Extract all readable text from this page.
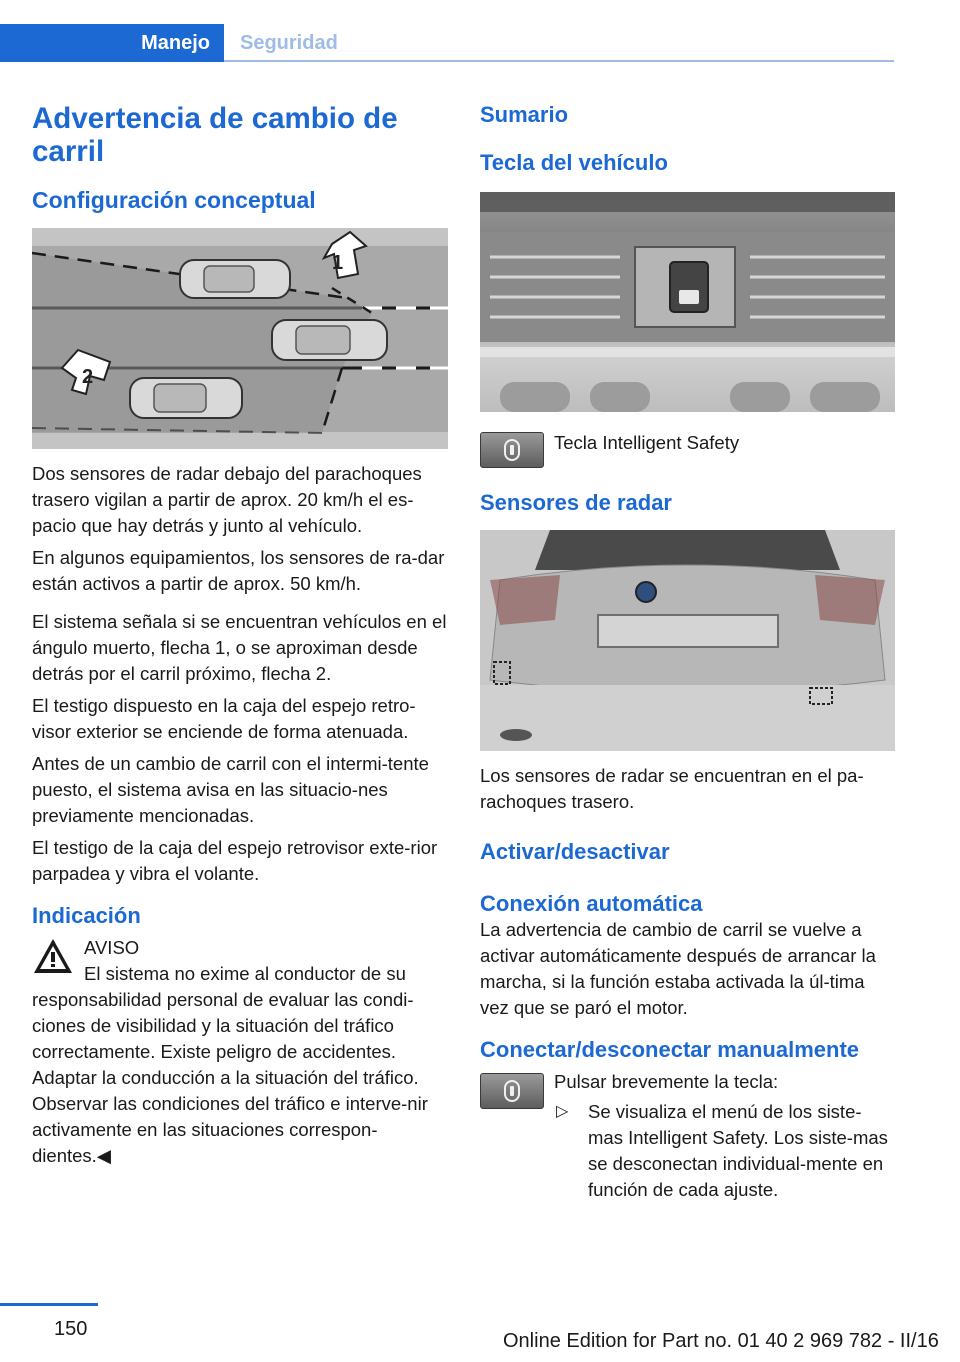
Manejo	Seguridad
Advertencia de cambio de carril
Configuración conceptual
1
2

Dos sensores de radar debajo del parachoques trasero vigilan a partir de aprox. 20 km/h el es-pacio que hay detrás y junto al vehículo.

En algunos equipamientos, los sensores de ra-dar están activos a partir de aprox. 50 km/h.

El sistema señala si se encuentran vehículos en el ángulo muerto, flecha 1, o se aproximan desde detrás por el carril próximo, flecha 2.

El testigo dispuesto en la caja del espejo retro-visor exterior se enciende de forma atenuada.

Antes de un cambio de carril con el intermi-tente puesto, el sistema avisa en las situacio-nes previamente mencionadas.

El testigo de la caja del espejo retrovisor exte-rior parpadea y vibra el volante.

Indicación

AVISO

El sistema no exime al conductor de su

responsabilidad personal de evaluar las condi-ciones de visibilidad y la situación del tráfico correctamente. Existe peligro de accidentes. Adaptar la conducción a la situación del tráfico. Observar las condiciones del tráfico e interve-nir activamente en las situaciones correspon-dientes.◀

Sumario
Tecla del vehículo

Tecla Intelligent Safety

Sensores de radar

Los sensores de radar se encuentran en el pa-rachoques trasero.

Activar/desactivar
Conexión automática

La advertencia de cambio de carril se vuelve a activar automáticamente después de arrancar la marcha, si la función estaba activada la úl-tima vez que se paró el motor.

Conectar/desconectar manualmente

Pulsar brevemente la tecla:

▷ Se visualiza el menú de los siste-mas Intelligent Safety. Los siste-mas se desconectan individual-mente en función de cada ajuste.

150
Online Edition for Part no. 01 40 2 969 782 - II/16
